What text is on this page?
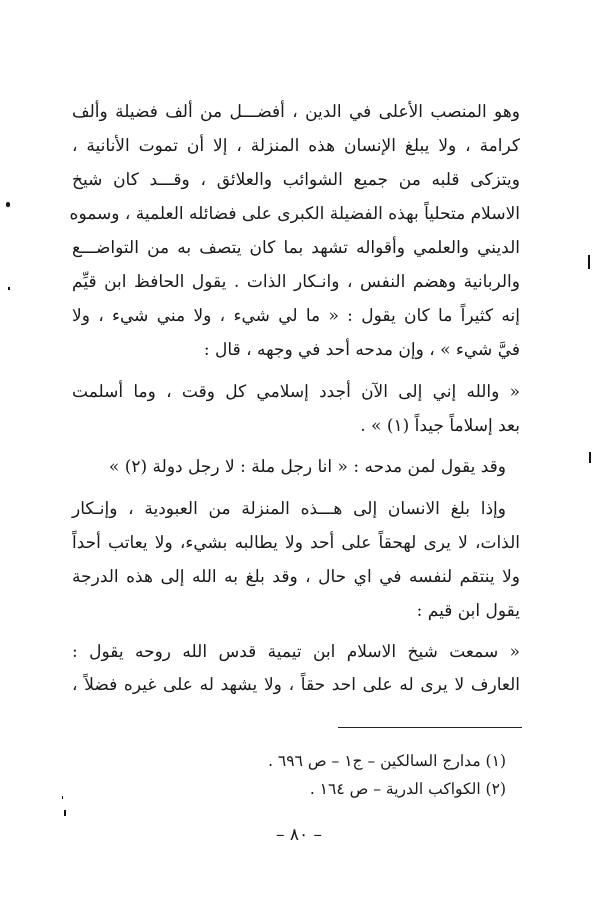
وهو المنصب الأعلى في الدين ، أفضـــل من ألف فضيلة وألف
كرامة ، ولا يبلغ الإنسان هذه المنزلة ، إلا أن تموت الأنانية ،
ويتزكى قلبه من جميع الشوائب والعلائق ، وقـــد كان شيخ
الاسلام متحلياً بهذه الفضيلة الكبرى على فضائله العلمية ، وسموه
الديني والعلمي وأقواله تشهد بما كان يتصف به من التواضـــع
والربانية وهضم النفس ، وانـكار الذات . يقول الحافظ ابن قيِّم
إنه كثيراً ما كان يقول : « ما لي شيء ، ولا مني شيء ، ولا
فيَّ شيء » ، وإن مدحه أحد في وجهه ، قال :
« والله إني إلى الآن أجدد إسلامي كل وقت ، وما أسلمت
بعد إسلاماً جيداً (١) » .
وقد يقول لمن مدحه : « انا رجل ملة : لا رجل دولة (٢) »
وإذا بلغ الانسان إلى هـــذه المنزلة من العبودية ، وإنـكار
الذات، لا يرى لهحقاً على أحد ولا يطالبه بشيء، ولا يعاتب أحداً
ولا ينتقم لنفسه في اي حال ، وقد بلغ به الله إلى هذه الدرجة
يقول ابن قيم :
« سمعت شيخ الاسلام ابن تيمية قدس الله روحه يقول :
العارف لا يرى له على احد حقاً ، ولا يشهد له على غيره فضلاً ،
(١) مدارج السالكين – ج١ – ص ٦٩٦ .
(٢) الكواكب الدرية – ص ١٦٤ .
– ٨٠ –
